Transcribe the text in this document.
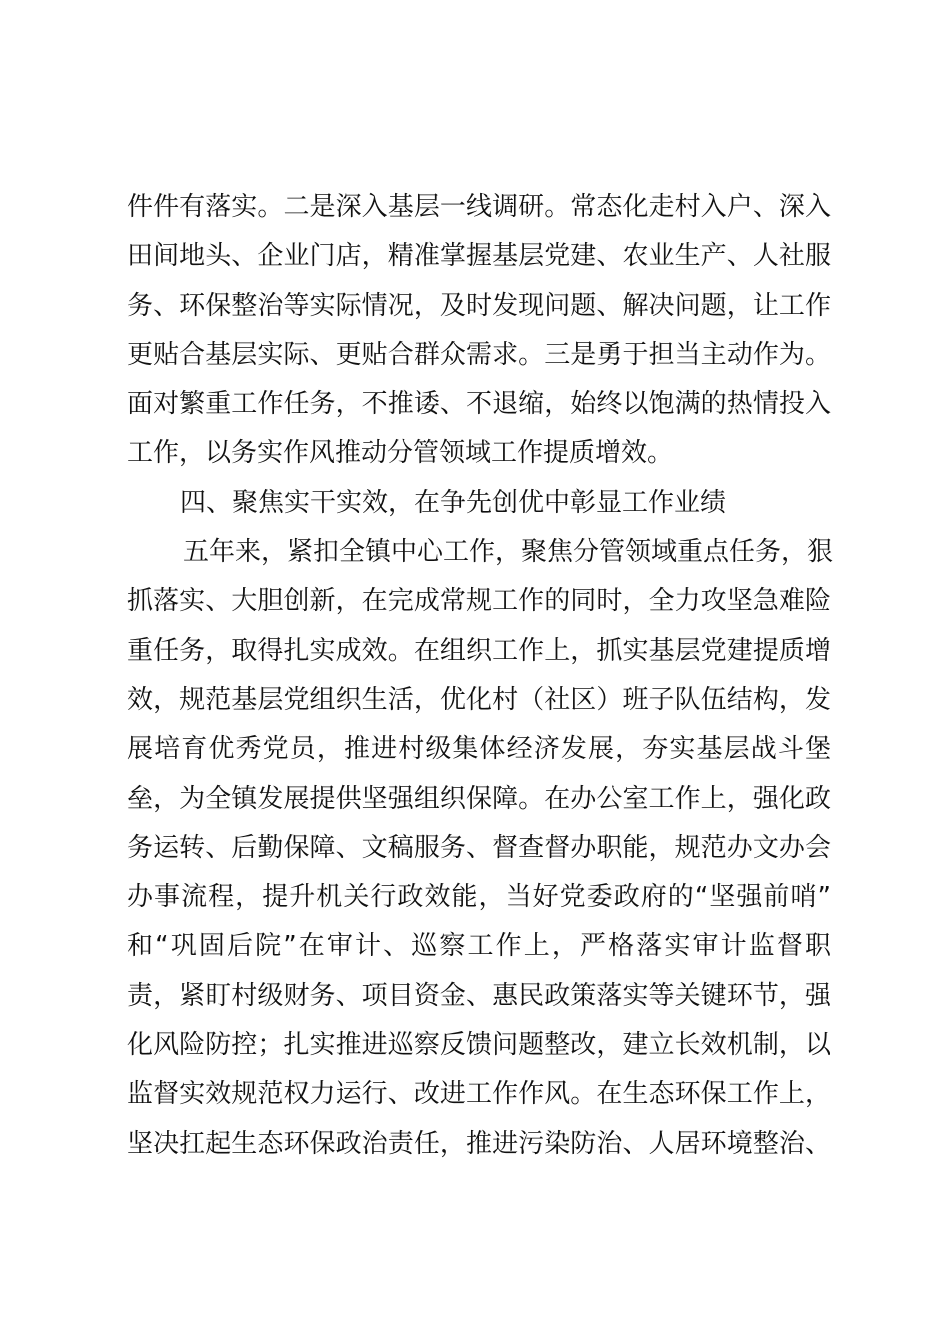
件件有落实。二是深入基层一线调研。常态化走村入户、深入
田间地头、企业门店，精准掌握基层党建、农业生产、人社服
务、环保整治等实际情况，及时发现问题、解决问题，让工作
更贴合基层实际、更贴合群众需求。三是勇于担当主动作为。
面对繁重工作任务，不推诿、不退缩，始终以饱满的热情投入
工作，以务实作风推动分管领域工作提质增效。
四、聚焦实干实效，在争先创优中彰显工作业绩
五年来，紧扣全镇中心工作，聚焦分管领域重点任务，狠
抓落实、大胆创新，在完成常规工作的同时，全力攻坚急难险
重任务，取得扎实成效。在组织工作上，抓实基层党建提质增
效，规范基层党组织生活，优化村（社区）班子队伍结构，发
展培育优秀党员，推进村级集体经济发展，夯实基层战斗堡
垒，为全镇发展提供坚强组织保障。在办公室工作上，强化政
务运转、后勤保障、文稿服务、督查督办职能，规范办文办会
办事流程，提升机关行政效能，当好党委政府的“坚强前哨”
和“巩固后院”在审计、巡察工作上，严格落实审计监督职
责，紧盯村级财务、项目资金、惠民政策落实等关键环节，强
化风险防控；扎实推进巡察反馈问题整改，建立长效机制，以
监督实效规范权力运行、改进工作作风。在生态环保工作上，
坚决扛起生态环保政治责任，推进污染防治、人居环境整治、
